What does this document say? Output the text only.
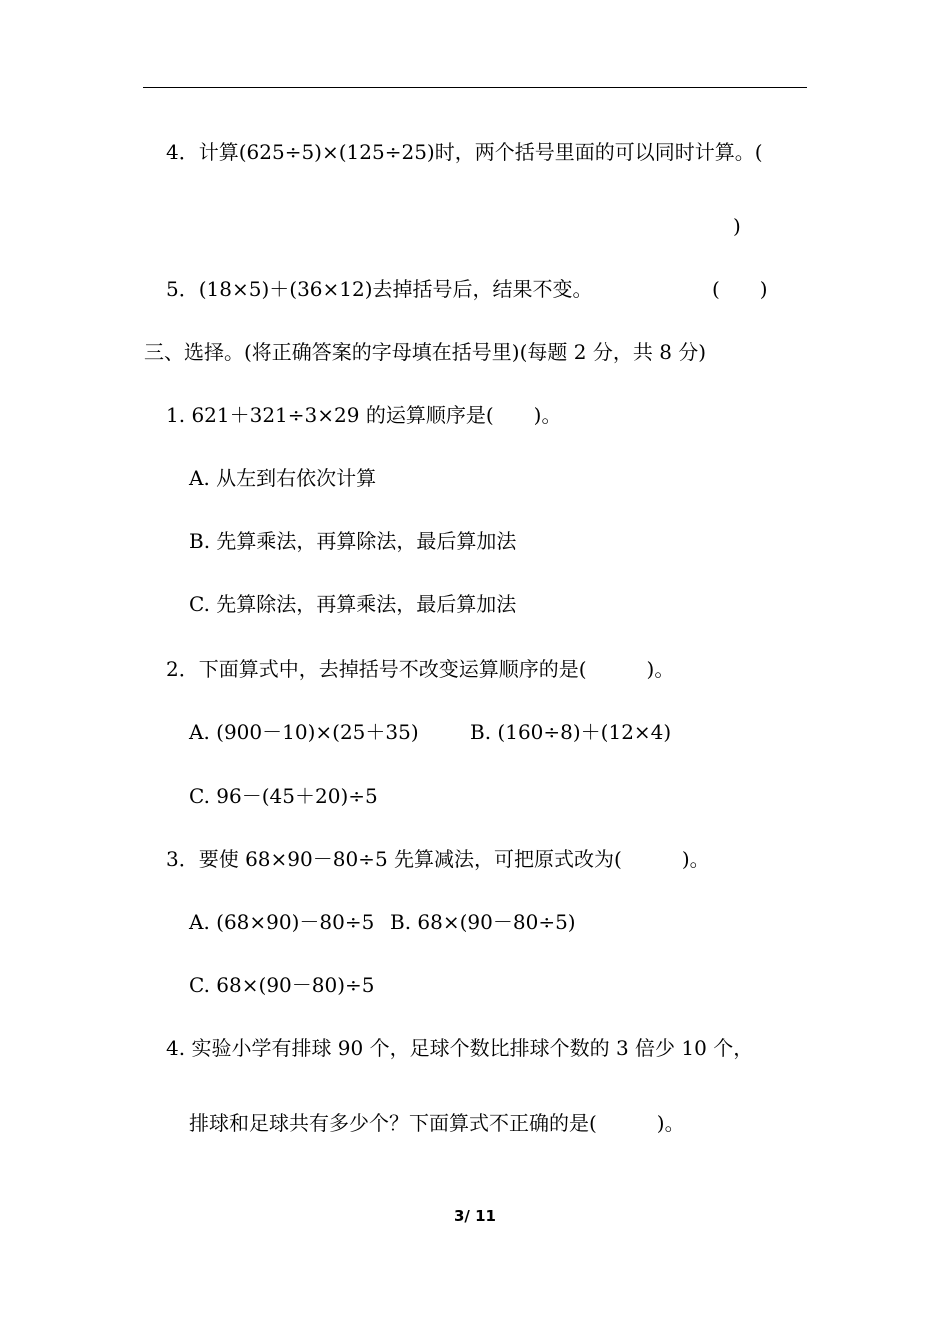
4．计算(625÷5)×(125÷25)时，两个括号里面的可以同时计算。(
)
5．(18×5)＋(36×12)去掉括号后，结果不变。	(　　)
三、选择。(将正确答案的字母填在括号里)(每题 2 分，共 8 分)
1. 621＋321÷3×29 的运算顺序是(　　)。
A. 从左到右依次计算
B. 先算乘法，再算除法，最后算加法
C. 先算除法，再算乘法，最后算加法
2．下面算式中，去掉括号不改变运算顺序的是(　　　)。
A. (900－10)×(25＋35)	B. (160÷8)＋(12×4)
C. 96－(45＋20)÷5
3．要使 68×90－80÷5 先算减法，可把原式改为(　　　)。
A. (68×90)－80÷5 B. 68×(90－80÷5)
C. 68×(90－80)÷5
4. 实验小学有排球 90 个，足球个数比排球个数的 3 倍少 10 个，
排球和足球共有多少个？下面算式不正确的是(　　　)。
3/ 11
